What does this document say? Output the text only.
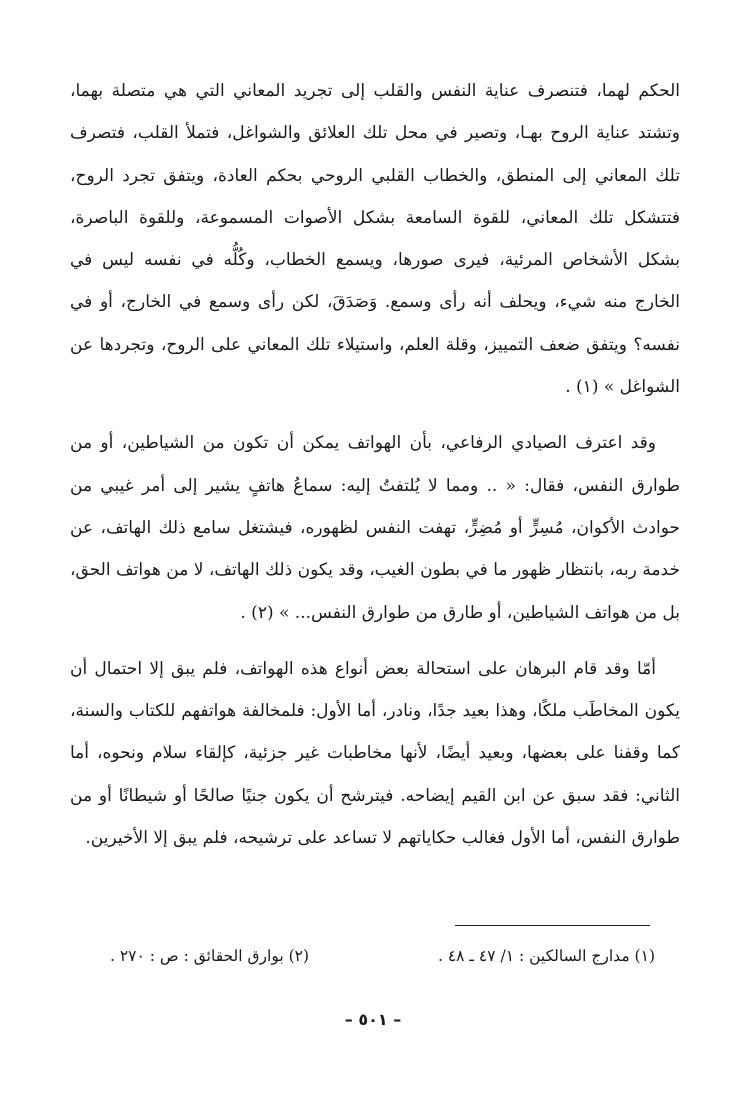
الحكم لهما، فتنصرف عناية النفس والقلب إلى تجريد المعاني التي هي متصلة بهما، وتشتد عناية الروح بهـا، وتصير في محل تلك العلائق والشواغل، فتملأ القلب، فتصرف تلك المعاني إلى المنطق، والخطاب القلبي الروحي بحكم العادة، ويتفق تجرد الروح، فتتشكل تلك المعاني، للقوة السامعة بشكل الأصوات المسموعة، وللقوة الباصرة، بشكل الأشخاص المرئية، فيرى صورها، ويسمع الخطاب، وكُلُّه في نفسه ليس في الخارج منه شيء، ويحلف أنه رأى وسمع. وَصَدَقَ، لكن رأى وسمع في الخارج، أو في نفسه؟ ويتفق ضعف التمييز، وقلة العلم، واستيلاء تلك المعاني على الروح، وتجردها عن الشواغل » (١) .

وقد اعترف الصيادي الرفاعي، بأن الهواتف يمكن أن تكون من الشياطين، أو من طوارق النفس، فقال: « .. ومما لا يُلتفتُ إليه: سماعُ هاتفٍ يشير إلى أمر غيبي من حوادث الأكوان، مُسِرٍّ أو مُضِرٍّ، تهفت النفس لظهوره، فيشتغل سامع ذلك الهاتف، عن خدمة ربه، بانتظار ظهور ما في بطون الغيب، وقد يكون ذلك الهاتف، لا من هواتف الحق، بل من هواتف الشياطين، أو طارق من طوارق النفس... » (٢) .

أمّا وقد قام البرهان على استحالة بعض أنواع هذه الهواتف، فلم يبق إلا احتمال أن يكون المخاطَب ملكًا، وهذا بعيد جدًا، ونادر، أما الأول: فلمخالفة هواتفهم للكتاب والسنة، كما وقفنا على بعضها، وبعيد أيضًا، لأنها مخاطبات غير جزئية، كإلقاء سلام ونحوه، أما الثاني: فقد سبق عن ابن القيم إيضاحه. فيترشح أن يكون جنيًا صالحًا أو شيطانًا أو من طوارق النفس، أما الأول فغالب حكاياتهم لا تساعد على ترشيحه، فلم يبق إلا الأخيرين.

(١) مدارج السالكين : ١/ ٤٧ ـ ٤٨ .
(٢) بوارق الحقائق : ص : ٢٧٠ .
– ٥٠١ –
